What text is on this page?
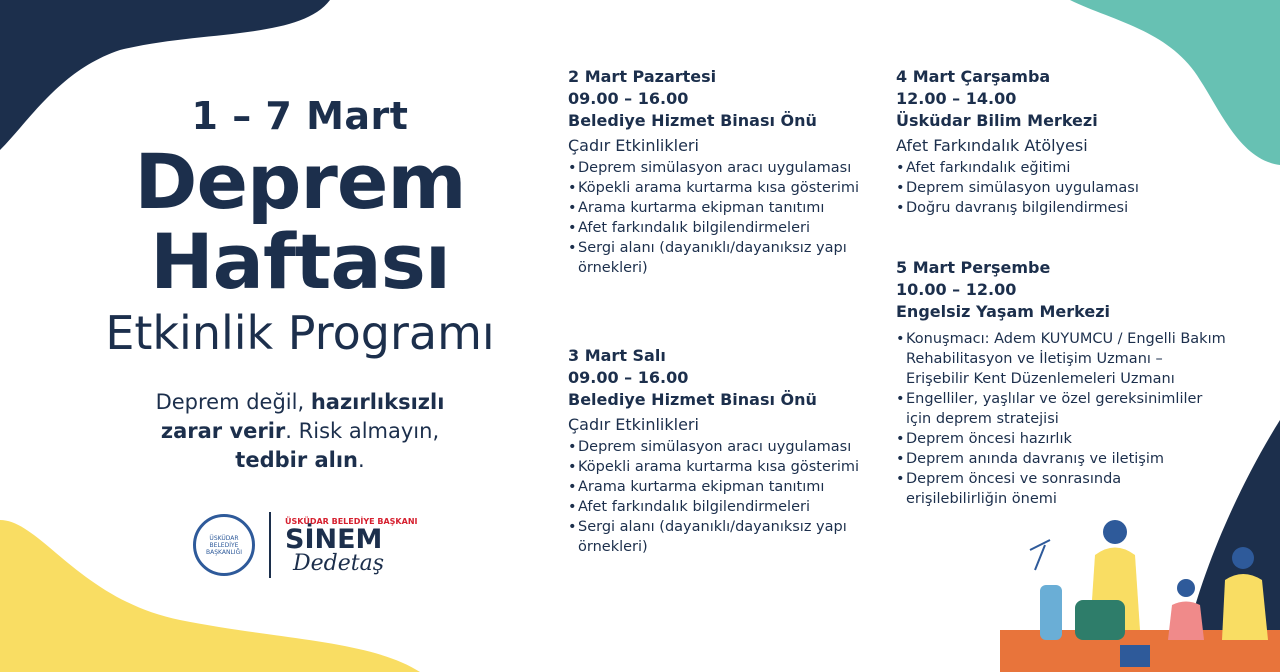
1 – 7 Mart
Deprem
Haftası
Etkinlik Programı
Deprem değil, hazırlıksızlı
zarar verir. Risk almayın,
tedbir alın.
ÜSKÜDAR BELEDİYE BAŞKANLIĞI
ÜSKÜDAR BELEDİYE BAŞKANI
SİNEM
Dedetaş
2 Mart Pazartesi
09.00 – 16.00
Belediye Hizmet Binası Önü
Çadır Etkinlikleri
• Deprem simülasyon aracı uygulaması
• Köpekli arama kurtarma kısa gösterimi
• Arama kurtarma ekipman tanıtımı
• Afet farkındalık bilgilendirmeleri
• Sergi alanı (dayanıklı/dayanıksız yapı örnekleri)
3 Mart Salı
09.00 – 16.00
Belediye Hizmet Binası Önü
Çadır Etkinlikleri
• Deprem simülasyon aracı uygulaması
• Köpekli arama kurtarma kısa gösterimi
• Arama kurtarma ekipman tanıtımı
• Afet farkındalık bilgilendirmeleri
• Sergi alanı (dayanıklı/dayanıksız yapı örnekleri)
4 Mart Çarşamba
12.00 – 14.00
Üsküdar Bilim Merkezi
Afet Farkındalık Atölyesi
• Afet farkındalık eğitimi
• Deprem simülasyon uygulaması
• Doğru davranış bilgilendirmesi
5 Mart Perşembe
10.00 – 12.00
Engelsiz Yaşam Merkezi
• Konuşmacı: Adem KUYUMCU / Engelli Bakım Rehabilitasyon ve İletişim Uzmanı – Erişebilir Kent Düzenlemeleri Uzmanı
• Engelliler, yaşlılar ve özel gereksinimliler için deprem stratejisi
• Deprem öncesi hazırlık
• Deprem anında davranış ve iletişim
• Deprem öncesi ve sonrasında erişilebilirliğin önemi
